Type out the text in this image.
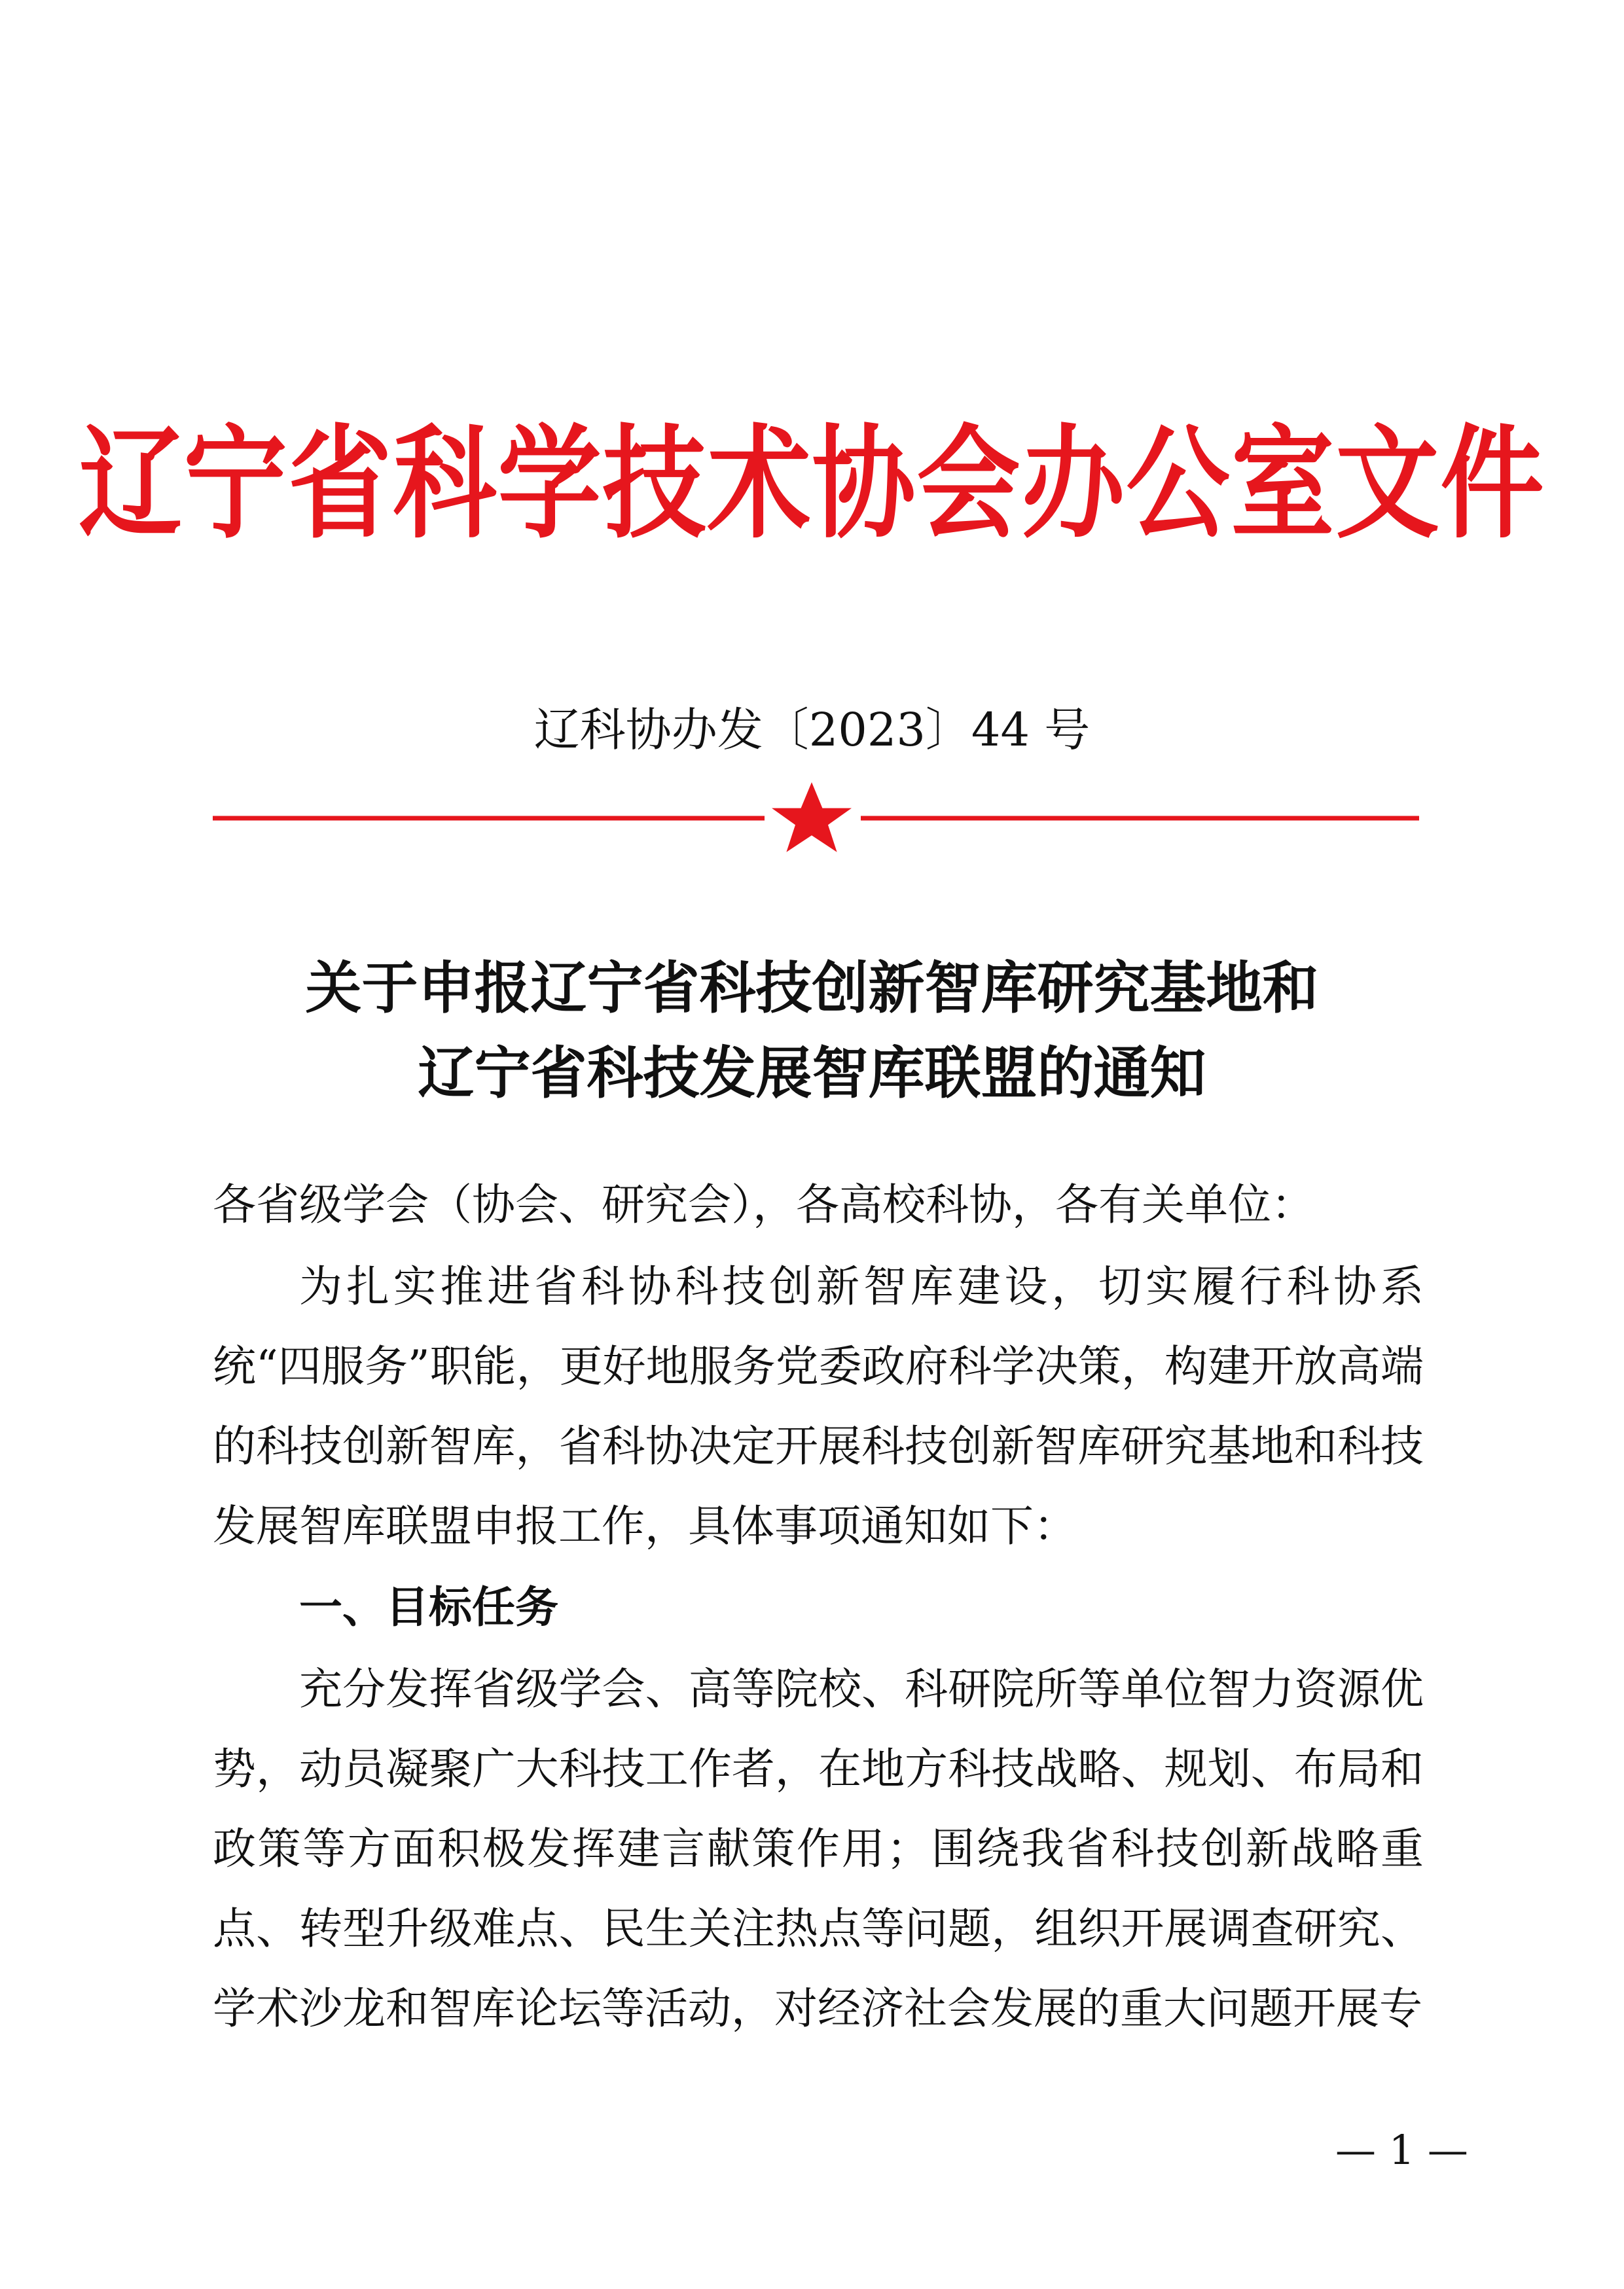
辽宁省科学技术协会办公室文件
辽科协办发〔2023〕44 号
关于申报辽宁省科技创新智库研究基地和
辽宁省科技发展智库联盟的通知

各省级学会（协会、研究会），各高校科协，各有关单位：

为扎实推进省科协科技创新智库建设，切实履行科协系统“四服务”职能，更好地服务党委政府科学决策，构建开放高端的科技创新智库，省科协决定开展科技创新智库研究基地和科技发展智库联盟申报工作，具体事项通知如下：

一、目标任务

充分发挥省级学会、高等院校、科研院所等单位智力资源优势，动员凝聚广大科技工作者，在地方科技战略、规划、布局和政策等方面积极发挥建言献策作用；围绕我省科技创新战略重点、转型升级难点、民生关注热点等问题，组织开展调查研究、学术沙龙和智库论坛等活动，对经济社会发展的重大问题开展专

— 1 —
